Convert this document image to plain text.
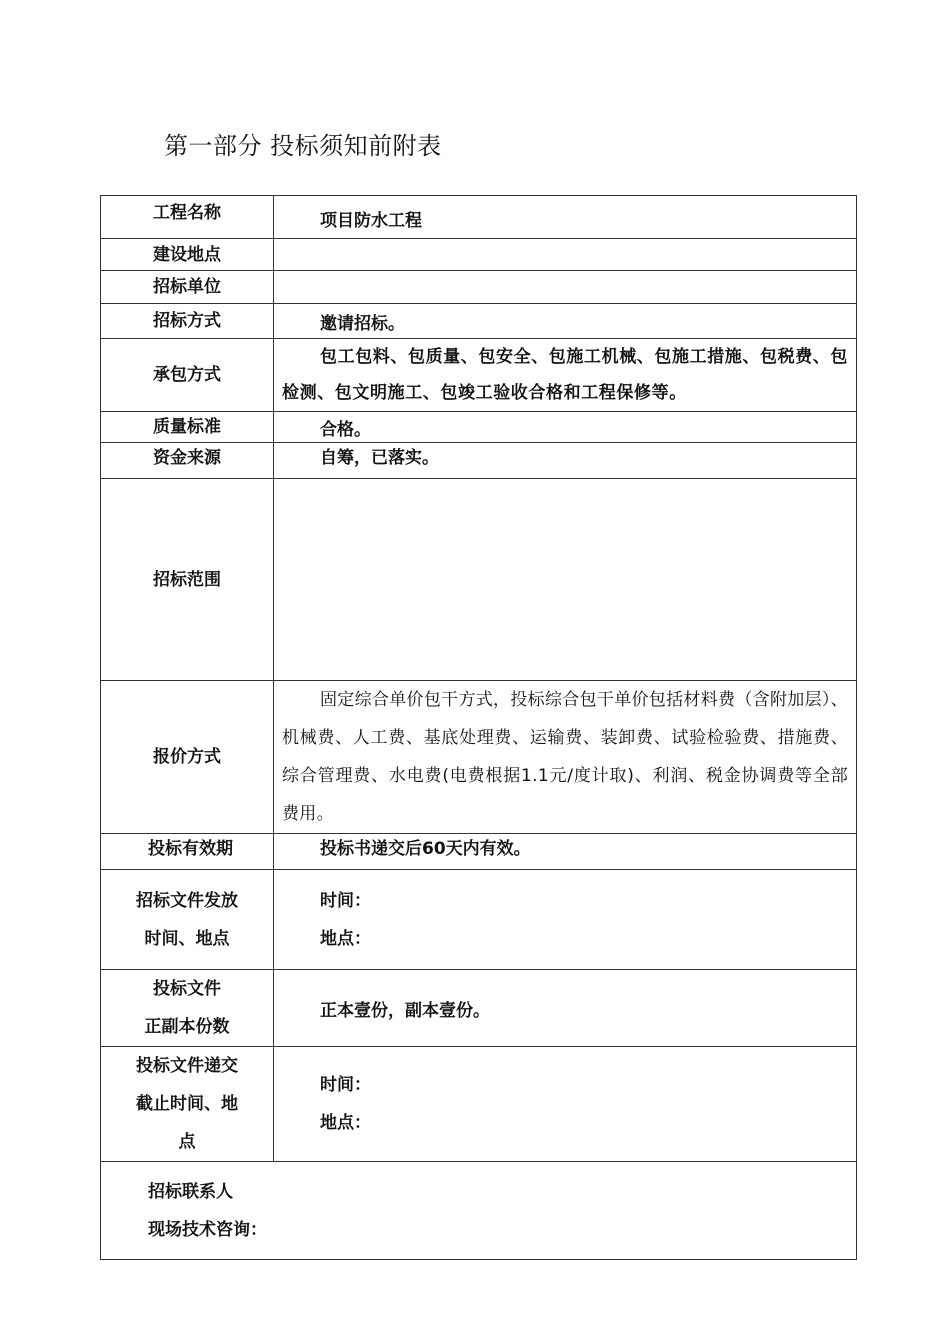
第一部分 投标须知前附表
工程名称	项目防水工程

建设地点	
招标单位	
招标方式	邀请招标。

承包方式	包工包料、包质量、包安全、包施工机械、包施工措施、包税费、包检测、包文明施工、包竣工验收合格和工程保修等。

质量标准	合格。

资金来源	自筹，已落实。

招标范围	
报价方式	固定综合单价包干方式，投标综合包干单价包括材料费（含附加层）、机械费、人工费、基底处理费、运输费、装卸费、试验检验费、措施费、综合管理费、水电费(电费根据1.1元/度计取)、利润、税金协调费等全部费用。

投标有效期	投标书递交后60天内有效。

招标文件发放
时间、地点	时间：
地点：

投标文件
正副本份数	正本壹份，副本壹份。

投标文件递交
截止时间、地
点	时间：
地点：

招标联系人
现场技术咨询：	
